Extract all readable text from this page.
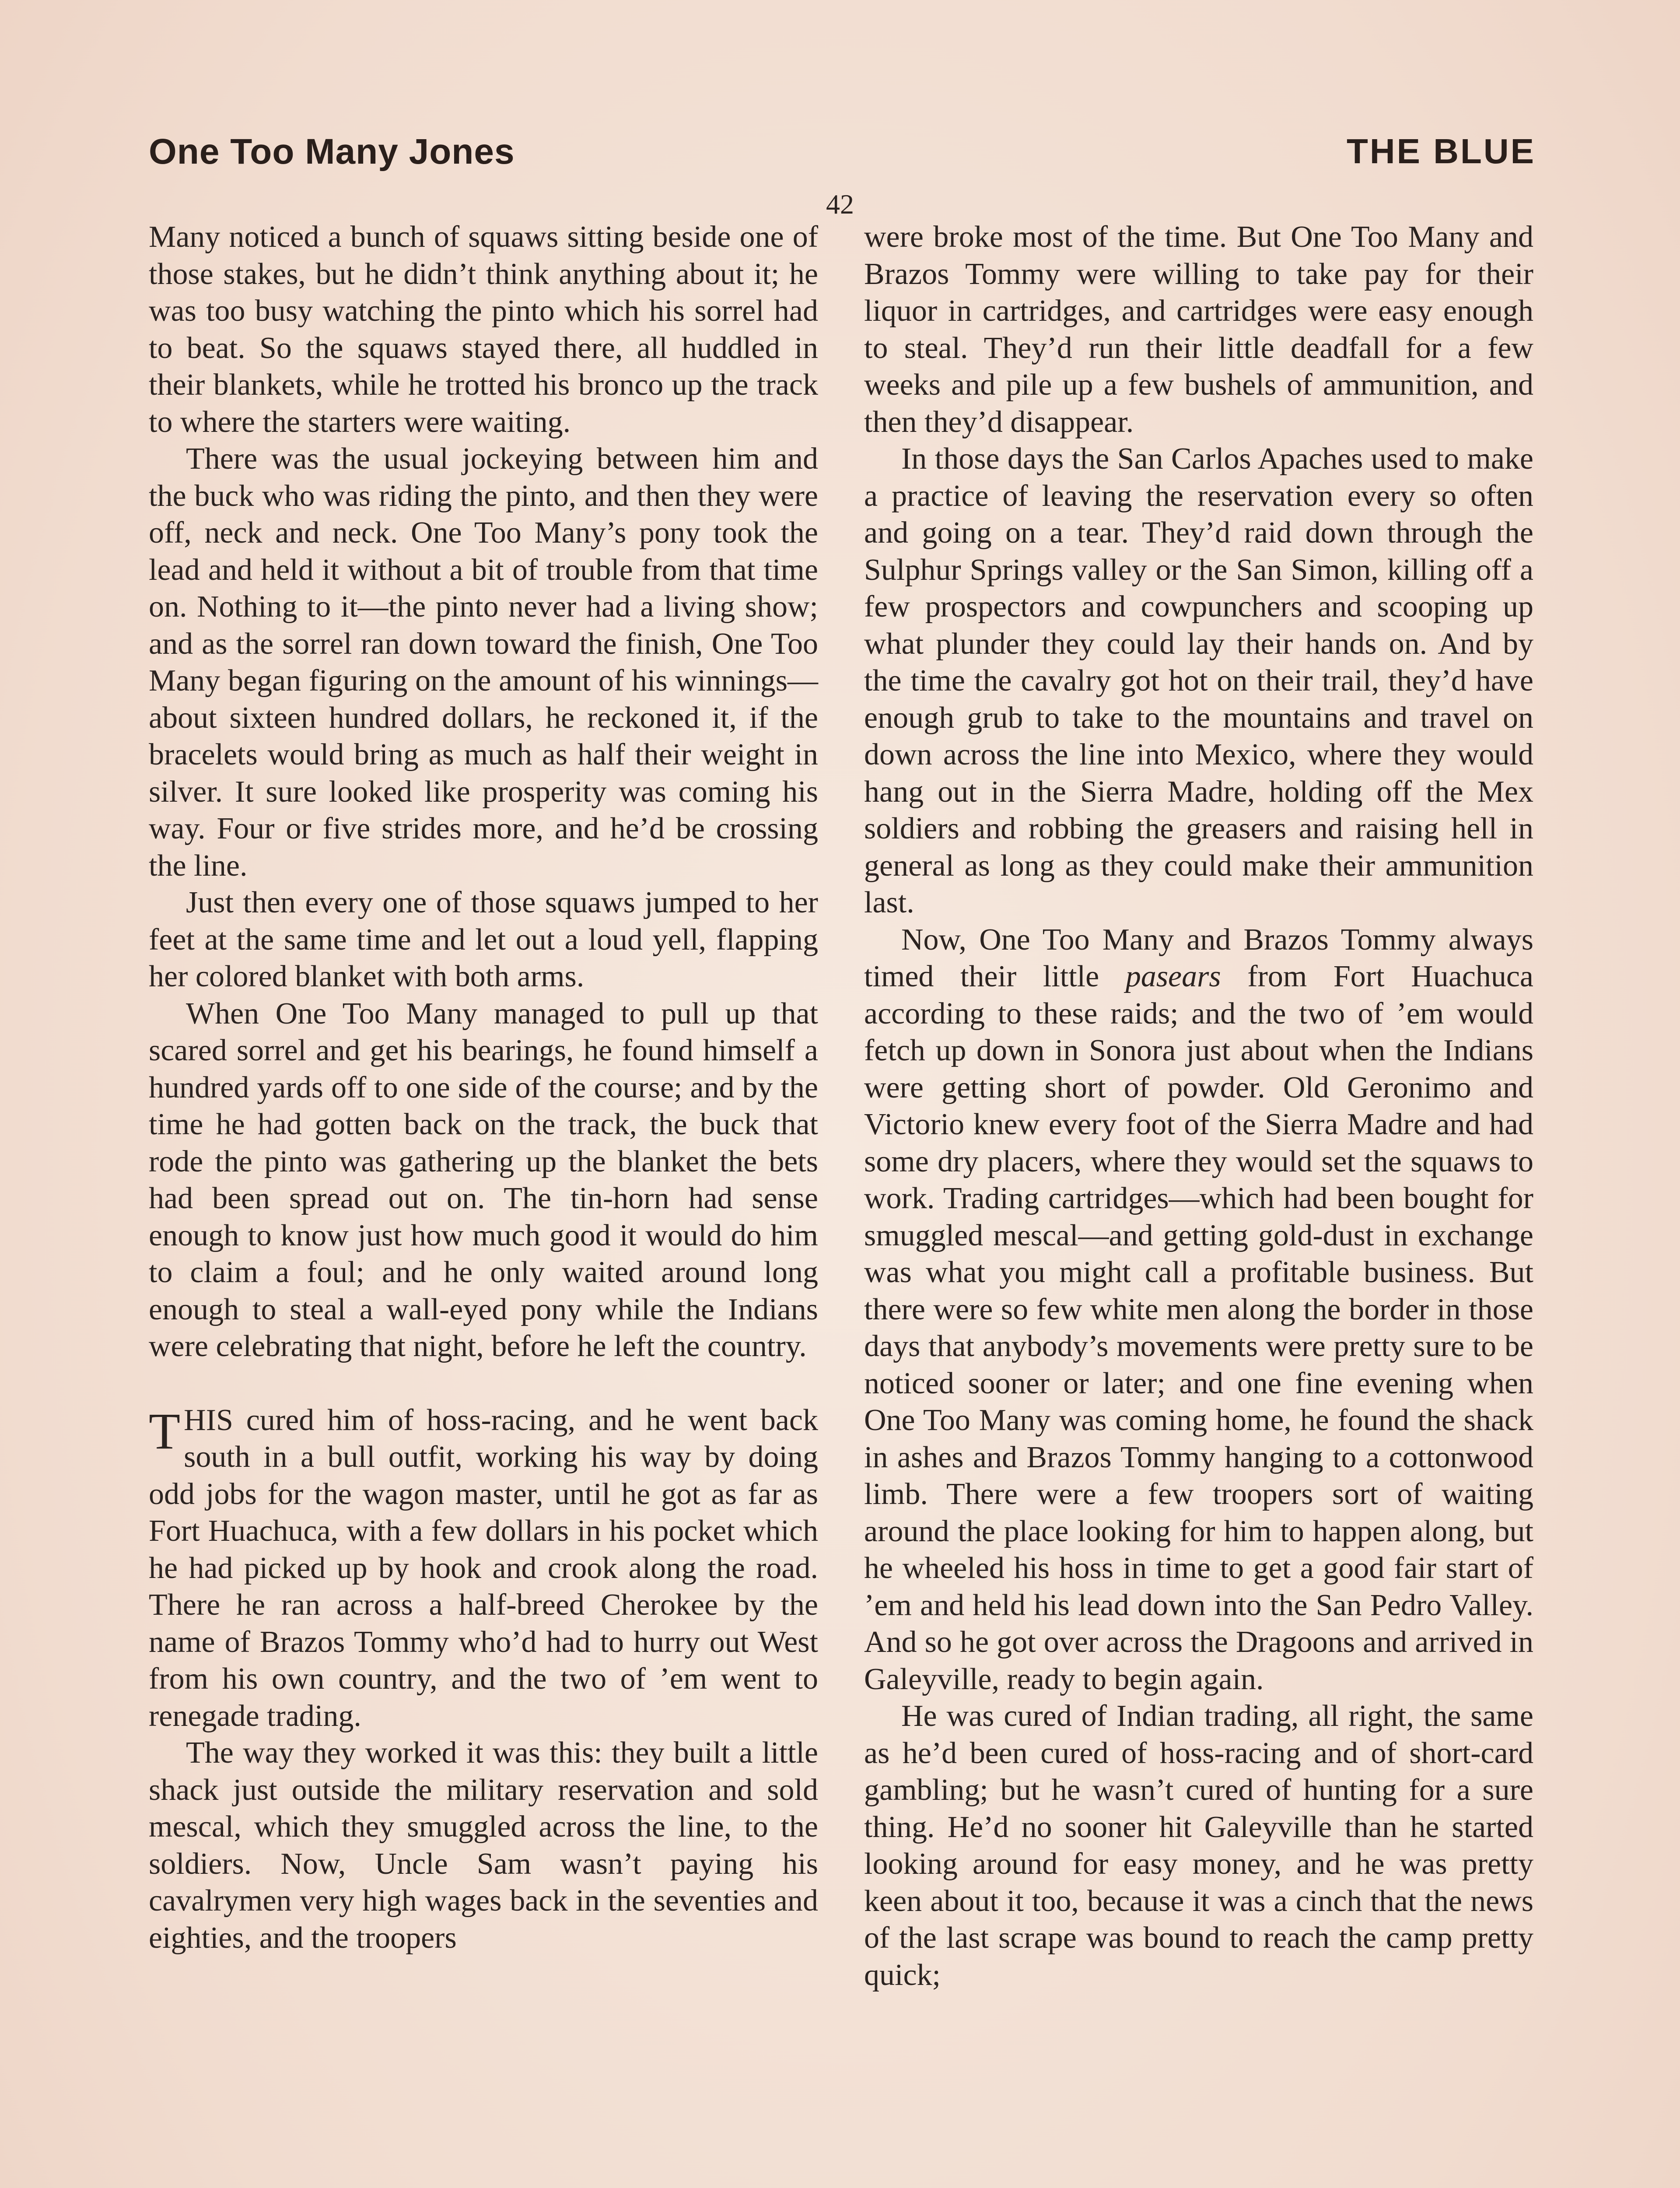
One Too Many Jones	THE BLUE
42

Many noticed a bunch of squaws sitting beside one of those stakes, but he didn’t think anything about it; he was too busy watching the pinto which his sorrel had to beat. So the squaws stayed there, all huddled in their blankets, while he trotted his bronco up the track to where the starters were waiting.

There was the usual jockeying between him and the buck who was riding the pinto, and then they were off, neck and neck. One Too Many’s pony took the lead and held it without a bit of trouble from that time on. Nothing to it—the pinto never had a living show; and as the sorrel ran down toward the finish, One Too Many began figuring on the amount of his winnings—about sixteen hundred dollars, he reckoned it, if the bracelets would bring as much as half their weight in silver. It sure looked like prosperity was coming his way. Four or five strides more, and he’d be crossing the line.

Just then every one of those squaws jumped to her feet at the same time and let out a loud yell, flapping her colored blanket with both arms.

When One Too Many managed to pull up that scared sorrel and get his bearings, he found himself a hundred yards off to one side of the course; and by the time he had gotten back on the track, the buck that rode the pinto was gathering up the blanket the bets had been spread out on. The tin-horn had sense enough to know just how much good it would do him to claim a foul; and he only waited around long enough to steal a wall-eyed pony while the Indians were celebrating that night, before he left the country.

THIS cured him of hoss-racing, and he went back south in a bull outfit, working his way by doing odd jobs for the wagon master, until he got as far as Fort Huachuca, with a few dollars in his pocket which he had picked up by hook and crook along the road. There he ran across a half-breed Cherokee by the name of Brazos Tommy who’d had to hurry out West from his own country, and the two of ’em went to renegade trading.

The way they worked it was this: they built a little shack just outside the military reservation and sold mescal, which they smuggled across the line, to the soldiers. Now, Uncle Sam wasn’t paying his cavalrymen very high wages back in the seventies and eighties, and the troopers

were broke most of the time. But One Too Many and Brazos Tommy were willing to take pay for their liquor in cartridges, and cartridges were easy enough to steal. They’d run their little deadfall for a few weeks and pile up a few bushels of ammunition, and then they’d disappear.

In those days the San Carlos Apaches used to make a practice of leaving the reservation every so often and going on a tear. They’d raid down through the Sulphur Springs valley or the San Simon, killing off a few prospectors and cowpunchers and scooping up what plunder they could lay their hands on. And by the time the cavalry got hot on their trail, they’d have enough grub to take to the mountains and travel on down across the line into Mexico, where they would hang out in the Sierra Madre, holding off the Mex soldiers and robbing the greasers and raising hell in general as long as they could make their ammunition last.

Now, One Too Many and Brazos Tommy always timed their little pasears from Fort Huachuca according to these raids; and the two of ’em would fetch up down in Sonora just about when the Indians were getting short of powder. Old Geronimo and Victorio knew every foot of the Sierra Madre and had some dry placers, where they would set the squaws to work. Trading cartridges—which had been bought for smuggled mescal—and getting gold-dust in exchange was what you might call a profitable business. But there were so few white men along the border in those days that anybody’s movements were pretty sure to be noticed sooner or later; and one fine evening when One Too Many was coming home, he found the shack in ashes and Brazos Tommy hanging to a cottonwood limb. There were a few troopers sort of waiting around the place looking for him to happen along, but he wheeled his hoss in time to get a good fair start of ’em and held his lead down into the San Pedro Valley. And so he got over across the Dragoons and arrived in Galeyville, ready to begin again.

He was cured of Indian trading, all right, the same as he’d been cured of hoss-racing and of short-card gambling; but he wasn’t cured of hunting for a sure thing. He’d no sooner hit Galeyville than he started looking around for easy money, and he was pretty keen about it too, because it was a cinch that the news of the last scrape was bound to reach the camp pretty quick;
